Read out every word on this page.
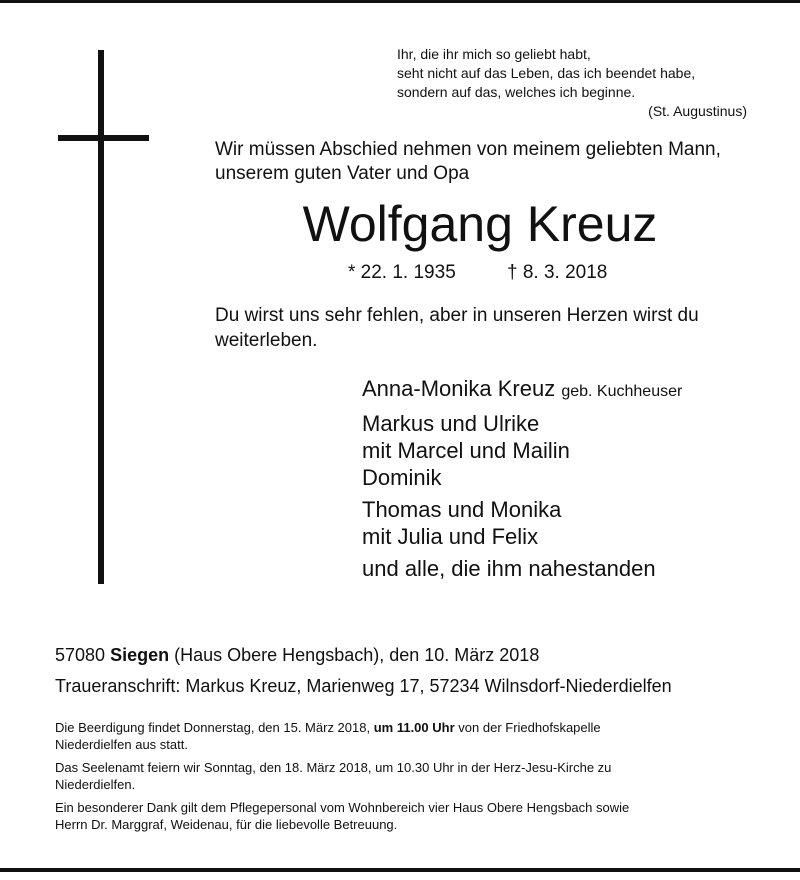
Ihr, die ihr mich so geliebt habt,
seht nicht auf das Leben, das ich beendet habe,
sondern auf das, welches ich beginne.
(St. Augustinus)
Wir müssen Abschied nehmen von meinem geliebten Mann,
unserem guten Vater und Opa
Wolfgang Kreuz
* 22. 1. 1935	† 8. 3. 2018
Du wirst uns sehr fehlen, aber in unseren Herzen wirst du
weiterleben.
Anna-Monika Kreuz geb. Kuchheuser
Markus und Ulrike
mit Marcel und Mailin
Dominik
Thomas und Monika
mit Julia und Felix
und alle, die ihm nahestanden
57080 Siegen (Haus Obere Hengsbach), den 10. März 2018
Traueranschrift: Markus Kreuz, Marienweg 17, 57234 Wilnsdorf-Niederdielfen

Die Beerdigung findet Donnerstag, den 15. März 2018, um 11.00 Uhr von der Friedhofskapelle
Niederdielfen aus statt.

Das Seelenamt feiern wir Sonntag, den 18. März 2018, um 10.30 Uhr in der Herz-Jesu-Kirche zu
Niederdielfen.

Ein besonderer Dank gilt dem Pflegepersonal vom Wohnbereich vier Haus Obere Hengsbach sowie
Herrn Dr. Marggraf, Weidenau, für die liebevolle Betreuung.
